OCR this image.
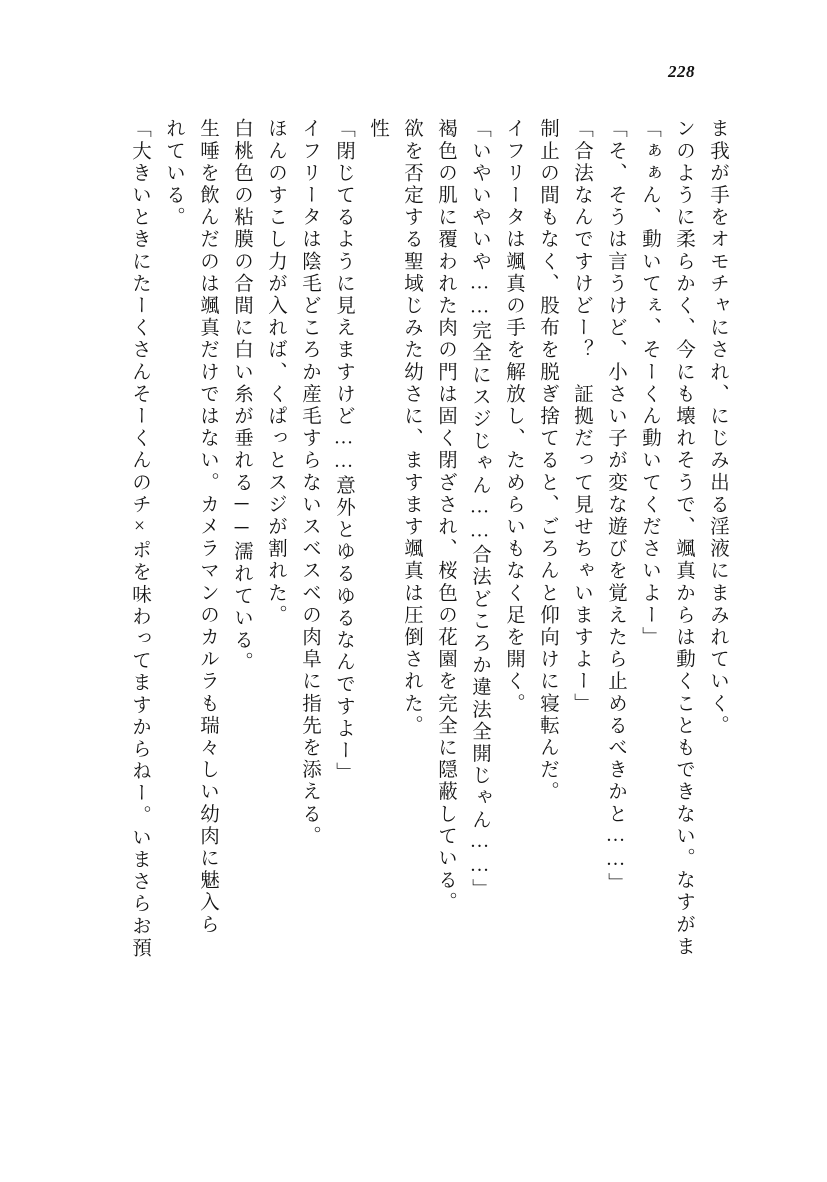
228
ま我が手をオモチャにされ、にじみ出る淫液にまみれていく。
ンのように柔らかく、今にも壊れそうで、颯真からは動くこともできない。なすがま
「ぁぁん、動いてぇ、そーくん動いてくださいよー」
「そ、そうは言うけど、小さい子が変な遊びを覚えたら止めるべきかと……」
「合法なんですけどー？　証拠だって見せちゃいますよー」
制止の間もなく、股布を脱ぎ捨てると、ごろんと仰向けに寝転んだ。
イフリータは颯真の手を解放し、ためらいもなく足を開く。
「いやいやいや……完全にスジじゃん……合法どころか違法全開じゃん……」
褐色の肌に覆われた肉の門は固く閉ざされ、桜色の花園を完全に隠蔽している。
欲を否定する聖域じみた幼さに、ますます颯真は圧倒された。
性
「閉じてるように見えますけど……意外とゆるゆるなんですよー」
イフリータは陰毛どころか産毛すらないスベスベの肉阜に指先を添える。
ほんのすこし力が入れば、くぱっとスジが割れた。
白桃色の粘膜の合間に白い糸が垂れる──濡れている。
生唾を飲んだのは颯真だけではない。カメラマンのカルラも瑞々しい幼肉に魅入ら
れている。
「大きいときにたーくさんそーくんのチ×ポを味わってますからねー。いまさらお預
